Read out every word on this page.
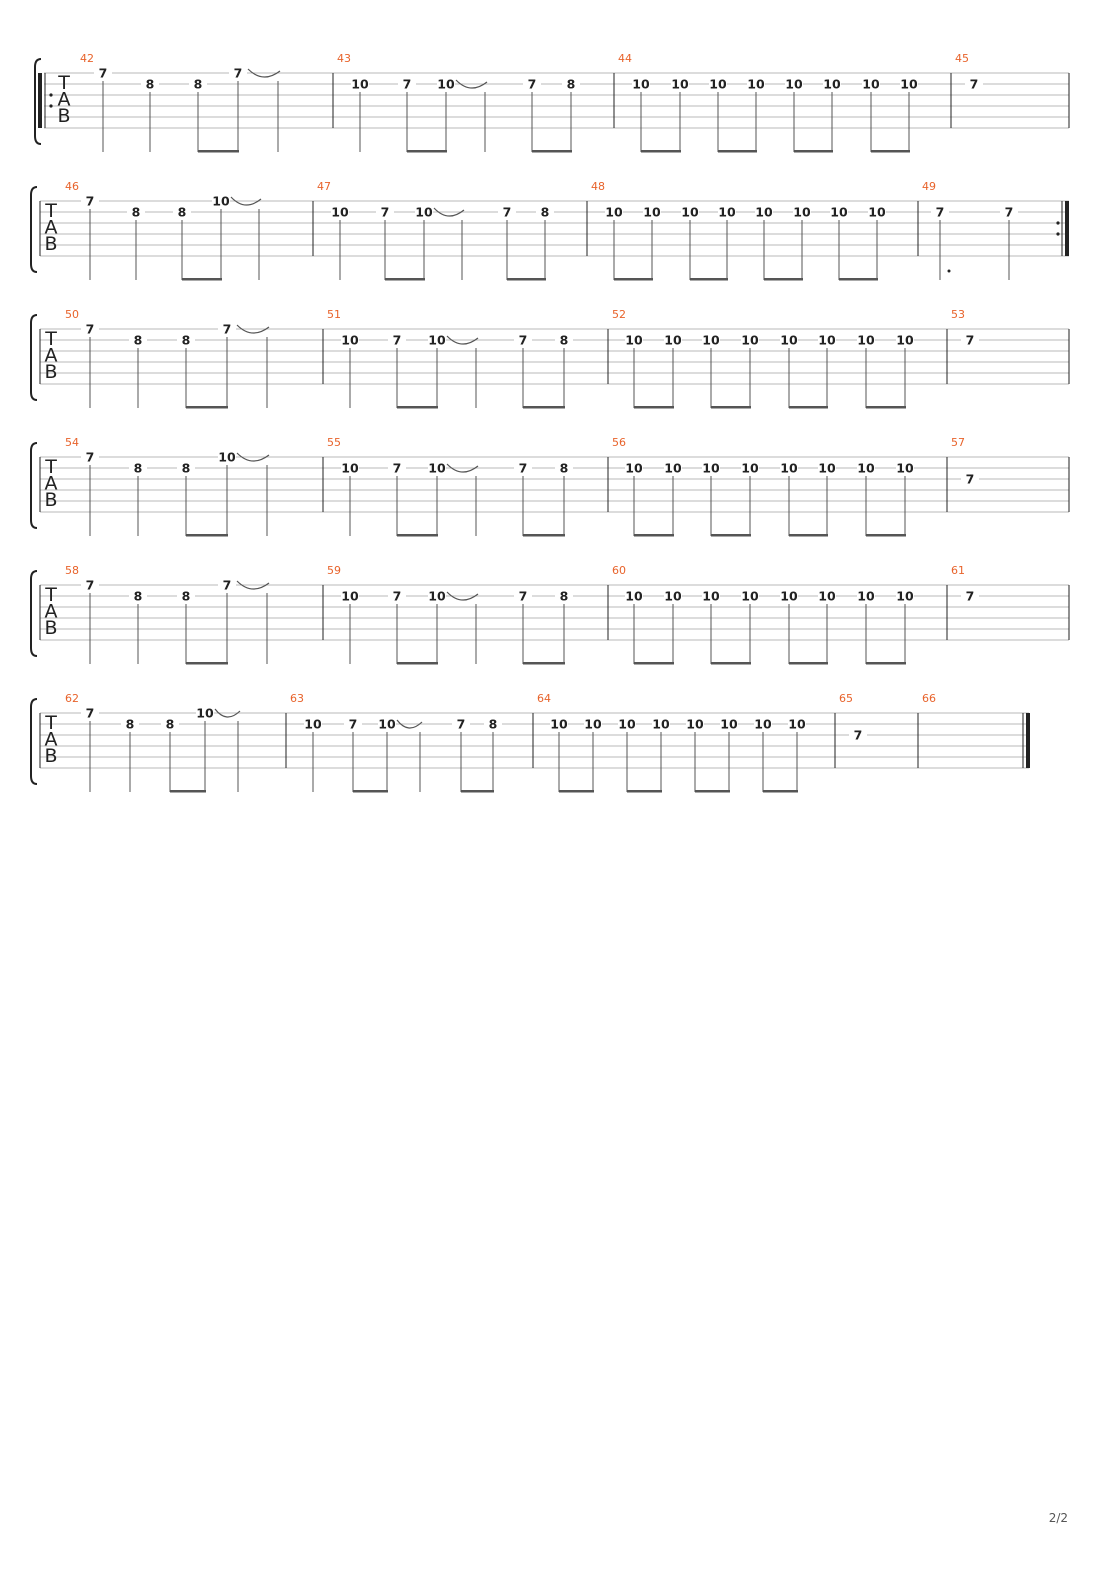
T
A
B
42
7
8	8
7
43
10	7 10	7 8
44
10 10 10 10 10 10 10 10
45
7
T
A
B
46
7
8	8
10
47
10	7 10	7 8
48
10 10 10 10 10 10 10 10
49
7	7
T
A
B
50
7
8	8
7
51
10	7 10	7	8
52
10 10 10 10 10 10 10 10
53
7
T
A
B
54
7
8	8
10
55
10	7 10	7	8
56
10 10 10 10 10 10 10 10
57
7
T
A
B
58
7
8	8
7
59
10	7 10	7	8
60
10 10 10 10 10 10 10 10
61
7
T
A
B
62
7
8	8
10
63
10 7 10	7 8
64
10 10 10 10 10 10 10 10
65
7
66
2/2
